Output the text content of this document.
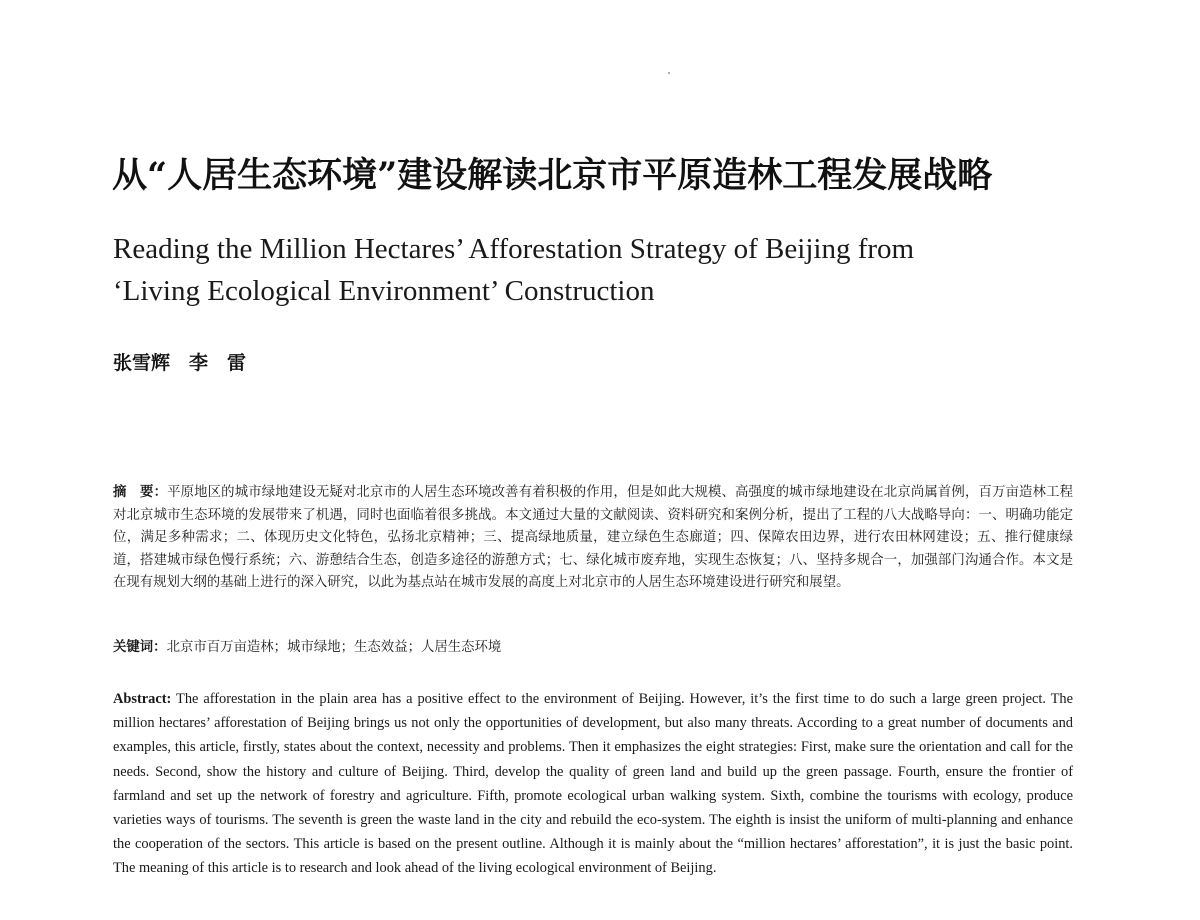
从“人居生态环境”建设解读北京市平原造林工程发展战略
Reading the Million Hectares’ Afforestation Strategy of Beijing from
‘Living Ecological Environment’ Construction
张雪辉　李　雷
摘　要：平原地区的城市绿地建设无疑对北京市的人居生态环境改善有着积极的作用，但是如此大规模、高强度的城市绿地建设在北京尚属首例，百万亩造林工程对北京城市生态环境的发展带来了机遇，同时也面临着很多挑战。本文通过大量的文献阅读、资料研究和案例分析，提出了工程的八大战略导向：一、明确功能定位，满足多种需求；二、体现历史文化特色，弘扬北京精神；三、提高绿地质量，建立绿色生态廊道；四、保障农田边界，进行农田林网建设；五、推行健康绿道，搭建城市绿色慢行系统；六、游憩结合生态，创造多途径的游憩方式；七、绿化城市废弃地，实现生态恢复；八、坚持多规合一，加强部门沟通合作。本文是在现有规划大纲的基础上进行的深入研究，以此为基点站在城市发展的高度上对北京市的人居生态环境建设进行研究和展望。
关键词：北京市百万亩造林；城市绿地；生态效益；人居生态环境
Abstract: The afforestation in the plain area has a positive effect to the environment of Beijing. However, it’s the first time to do such a large green project. The million hectares’ afforestation of Beijing brings us not only the opportunities of development, but also many threats. According to a great number of documents and examples, this article, firstly, states about the context, necessity and problems. Then it emphasizes the eight strategies: First, make sure the orientation and call for the needs. Second, show the history and culture of Beijing. Third, develop the quality of green land and build up the green passage. Fourth, ensure the frontier of farmland and set up the network of forestry and agriculture. Fifth, promote ecological urban walking system. Sixth, combine the tourisms with ecology, produce varieties ways of tourisms. The seventh is green the waste land in the city and rebuild the eco-system. The eighth is insist the uniform of multi-planning and enhance the cooperation of the sectors. This article is based on the present outline. Although it is mainly about the “million hectares’ afforestation”, it is just the basic point. The meaning of this article is to research and look ahead of the living ecological environment of Beijing.
